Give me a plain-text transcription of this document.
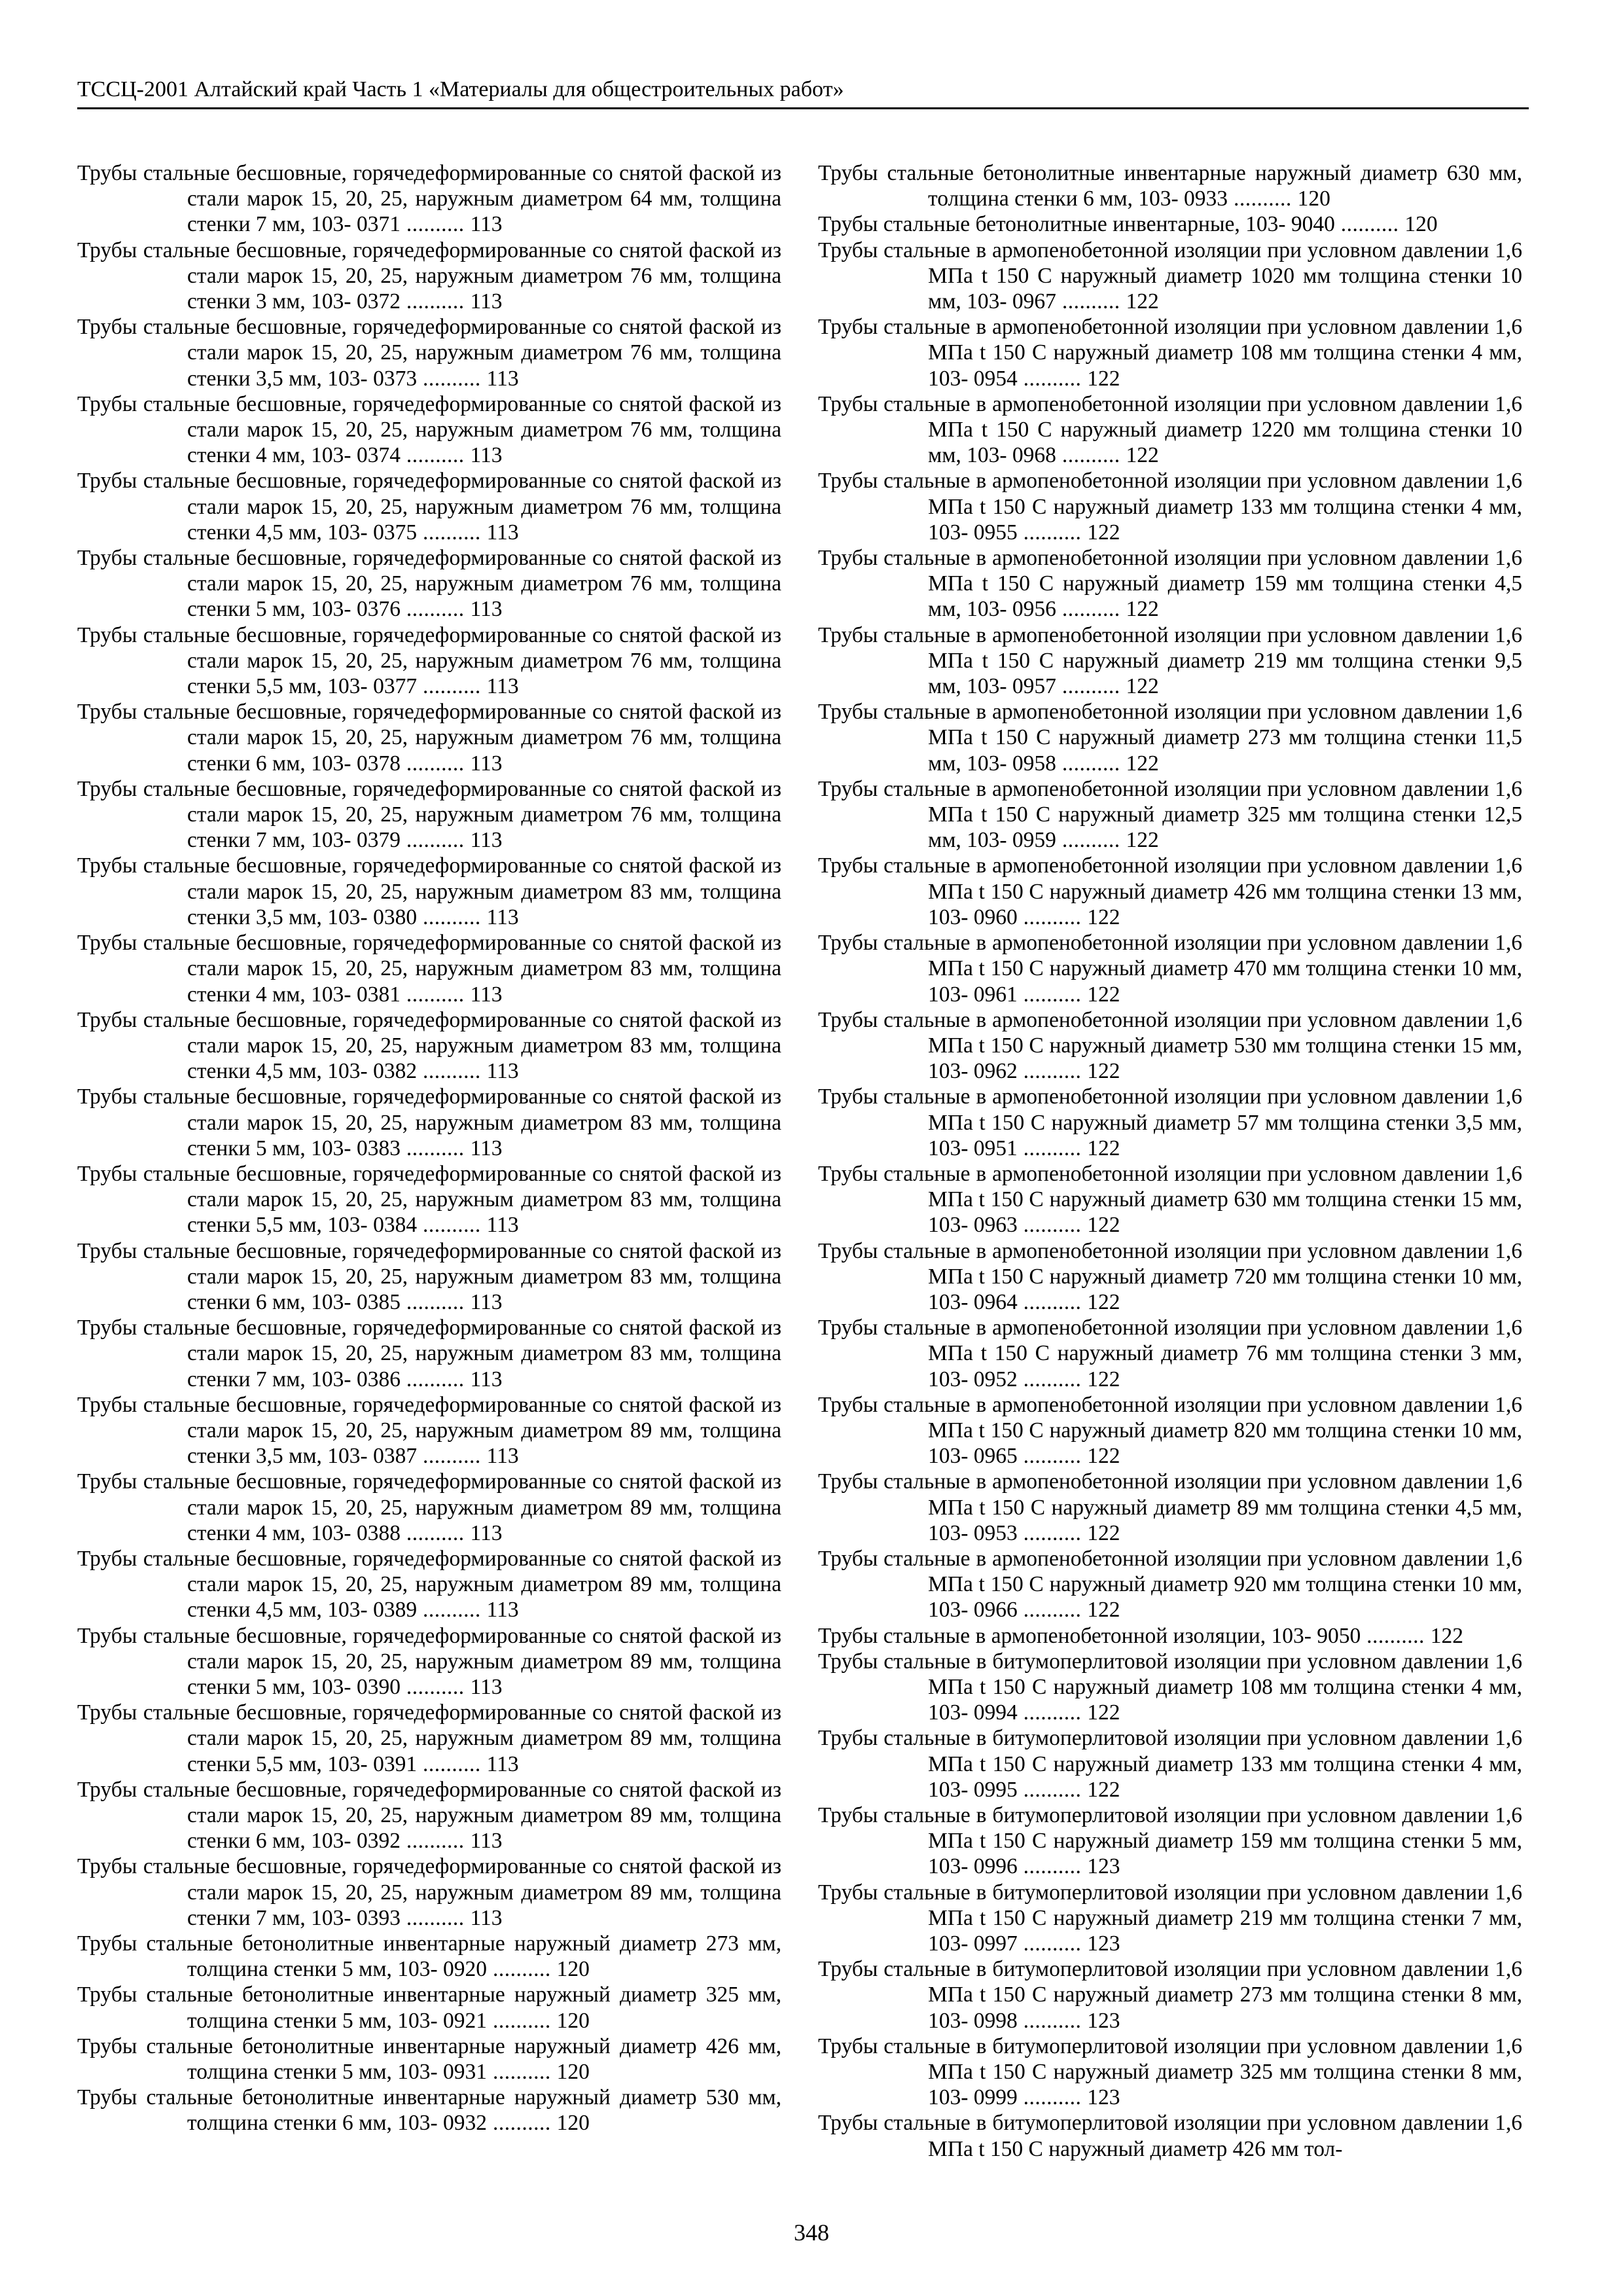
ТССЦ-2001 Алтайский край Часть 1 «Материалы для общестроительных работ»

Трубы стальные бесшовные, горячедеформированные со снятой фаской из стали марок 15, 20, 25, наружным диаметром 64 мм, толщина стенки 7 мм, 103- 0371 .......... 113

Трубы стальные бесшовные, горячедеформированные со снятой фаской из стали марок 15, 20, 25, наружным диаметром 76 мм, толщина стенки 3 мм, 103- 0372 .......... 113

Трубы стальные бесшовные, горячедеформированные со снятой фаской из стали марок 15, 20, 25, наружным диаметром 76 мм, толщина стенки 3,5 мм, 103- 0373 .......... 113

Трубы стальные бесшовные, горячедеформированные со снятой фаской из стали марок 15, 20, 25, наружным диаметром 76 мм, толщина стенки 4 мм, 103- 0374 .......... 113

Трубы стальные бесшовные, горячедеформированные со снятой фаской из стали марок 15, 20, 25, наружным диаметром 76 мм, толщина стенки 4,5 мм, 103- 0375 .......... 113

Трубы стальные бесшовные, горячедеформированные со снятой фаской из стали марок 15, 20, 25, наружным диаметром 76 мм, толщина стенки 5 мм, 103- 0376 .......... 113

Трубы стальные бесшовные, горячедеформированные со снятой фаской из стали марок 15, 20, 25, наружным диаметром 76 мм, толщина стенки 5,5 мм, 103- 0377 .......... 113

Трубы стальные бесшовные, горячедеформированные со снятой фаской из стали марок 15, 20, 25, наружным диаметром 76 мм, толщина стенки 6 мм, 103- 0378 .......... 113

Трубы стальные бесшовные, горячедеформированные со снятой фаской из стали марок 15, 20, 25, наружным диаметром 76 мм, толщина стенки 7 мм, 103- 0379 .......... 113

Трубы стальные бесшовные, горячедеформированные со снятой фаской из стали марок 15, 20, 25, наружным диаметром 83 мм, толщина стенки 3,5 мм, 103- 0380 .......... 113

Трубы стальные бесшовные, горячедеформированные со снятой фаской из стали марок 15, 20, 25, наружным диаметром 83 мм, толщина стенки 4 мм, 103- 0381 .......... 113

Трубы стальные бесшовные, горячедеформированные со снятой фаской из стали марок 15, 20, 25, наружным диаметром 83 мм, толщина стенки 4,5 мм, 103- 0382 .......... 113

Трубы стальные бесшовные, горячедеформированные со снятой фаской из стали марок 15, 20, 25, наружным диаметром 83 мм, толщина стенки 5 мм, 103- 0383 .......... 113

Трубы стальные бесшовные, горячедеформированные со снятой фаской из стали марок 15, 20, 25, наружным диаметром 83 мм, толщина стенки 5,5 мм, 103- 0384 .......... 113

Трубы стальные бесшовные, горячедеформированные со снятой фаской из стали марок 15, 20, 25, наружным диаметром 83 мм, толщина стенки 6 мм, 103- 0385 .......... 113

Трубы стальные бесшовные, горячедеформированные со снятой фаской из стали марок 15, 20, 25, наружным диаметром 83 мм, толщина стенки 7 мм, 103- 0386 .......... 113

Трубы стальные бесшовные, горячедеформированные со снятой фаской из стали марок 15, 20, 25, наружным диаметром 89 мм, толщина стенки 3,5 мм, 103- 0387 .......... 113

Трубы стальные бесшовные, горячедеформированные со снятой фаской из стали марок 15, 20, 25, наружным диаметром 89 мм, толщина стенки 4 мм, 103- 0388 .......... 113

Трубы стальные бесшовные, горячедеформированные со снятой фаской из стали марок 15, 20, 25, наружным диаметром 89 мм, толщина стенки 4,5 мм, 103- 0389 .......... 113

Трубы стальные бесшовные, горячедеформированные со снятой фаской из стали марок 15, 20, 25, наружным диаметром 89 мм, толщина стенки 5 мм, 103- 0390 .......... 113

Трубы стальные бесшовные, горячедеформированные со снятой фаской из стали марок 15, 20, 25, наружным диаметром 89 мм, толщина стенки 5,5 мм, 103- 0391 .......... 113

Трубы стальные бесшовные, горячедеформированные со снятой фаской из стали марок 15, 20, 25, наружным диаметром 89 мм, толщина стенки 6 мм, 103- 0392 .......... 113

Трубы стальные бесшовные, горячедеформированные со снятой фаской из стали марок 15, 20, 25, наружным диаметром 89 мм, толщина стенки 7 мм, 103- 0393 .......... 113

Трубы стальные бетонолитные инвентарные наружный диаметр 273 мм, толщина стенки 5 мм, 103- 0920 .......... 120

Трубы стальные бетонолитные инвентарные наружный диаметр 325 мм, толщина стенки 5 мм, 103- 0921 .......... 120

Трубы стальные бетонолитные инвентарные наружный диаметр 426 мм, толщина стенки 5 мм, 103- 0931 .......... 120

Трубы стальные бетонолитные инвентарные наружный диаметр 530 мм, толщина стенки 6 мм, 103- 0932 .......... 120

Трубы стальные бетонолитные инвентарные наружный диаметр 630 мм, толщина стенки 6 мм, 103- 0933 .......... 120

Трубы стальные бетонолитные инвентарные, 103- 9040 .......... 120

Трубы стальные в армопенобетонной изоляции при условном давлении 1,6 МПа t 150 С наружный диаметр 1020 мм толщина стенки 10 мм, 103- 0967 .......... 122

Трубы стальные в армопенобетонной изоляции при условном давлении 1,6 МПа t 150 С наружный диаметр 108 мм толщина стенки 4 мм, 103- 0954 .......... 122

Трубы стальные в армопенобетонной изоляции при условном давлении 1,6 МПа t 150 С наружный диаметр 1220 мм толщина стенки 10 мм, 103- 0968 .......... 122

Трубы стальные в армопенобетонной изоляции при условном давлении 1,6 МПа t 150 С наружный диаметр 133 мм толщина стенки 4 мм, 103- 0955 .......... 122

Трубы стальные в армопенобетонной изоляции при условном давлении 1,6 МПа t 150 С наружный диаметр 159 мм толщина стенки 4,5 мм, 103- 0956 .......... 122

Трубы стальные в армопенобетонной изоляции при условном давлении 1,6 МПа t 150 С наружный диаметр 219 мм толщина стенки 9,5 мм, 103- 0957 .......... 122

Трубы стальные в армопенобетонной изоляции при условном давлении 1,6 МПа t 150 С наружный диаметр 273 мм толщина стенки 11,5 мм, 103- 0958 .......... 122

Трубы стальные в армопенобетонной изоляции при условном давлении 1,6 МПа t 150 С наружный диаметр 325 мм толщина стенки 12,5 мм, 103- 0959 .......... 122

Трубы стальные в армопенобетонной изоляции при условном давлении 1,6 МПа t 150 С наружный диаметр 426 мм толщина стенки 13 мм, 103- 0960 .......... 122

Трубы стальные в армопенобетонной изоляции при условном давлении 1,6 МПа t 150 С наружный диаметр 470 мм толщина стенки 10 мм, 103- 0961 .......... 122

Трубы стальные в армопенобетонной изоляции при условном давлении 1,6 МПа t 150 С наружный диаметр 530 мм толщина стенки 15 мм, 103- 0962 .......... 122

Трубы стальные в армопенобетонной изоляции при условном давлении 1,6 МПа t 150 С наружный диаметр 57 мм толщина стенки 3,5 мм, 103- 0951 .......... 122

Трубы стальные в армопенобетонной изоляции при условном давлении 1,6 МПа t 150 С наружный диаметр 630 мм толщина стенки 15 мм, 103- 0963 .......... 122

Трубы стальные в армопенобетонной изоляции при условном давлении 1,6 МПа t 150 С наружный диаметр 720 мм толщина стенки 10 мм, 103- 0964 .......... 122

Трубы стальные в армопенобетонной изоляции при условном давлении 1,6 МПа t 150 С наружный диаметр 76 мм толщина стенки 3 мм, 103- 0952 .......... 122

Трубы стальные в армопенобетонной изоляции при условном давлении 1,6 МПа t 150 С наружный диаметр 820 мм толщина стенки 10 мм, 103- 0965 .......... 122

Трубы стальные в армопенобетонной изоляции при условном давлении 1,6 МПа t 150 С наружный диаметр 89 мм толщина стенки 4,5 мм, 103- 0953 .......... 122

Трубы стальные в армопенобетонной изоляции при условном давлении 1,6 МПа t 150 С наружный диаметр 920 мм толщина стенки 10 мм, 103- 0966 .......... 122

Трубы стальные в армопенобетонной изоляции, 103- 9050 .......... 122

Трубы стальные в битумоперлитовой изоляции при условном давлении 1,6 МПа t 150 С наружный диаметр 108 мм толщина стенки 4 мм, 103- 0994 .......... 122

Трубы стальные в битумоперлитовой изоляции при условном давлении 1,6 МПа t 150 С наружный диаметр 133 мм толщина стенки 4 мм, 103- 0995 .......... 122

Трубы стальные в битумоперлитовой изоляции при условном давлении 1,6 МПа t 150 С наружный диаметр 159 мм толщина стенки 5 мм, 103- 0996 .......... 123

Трубы стальные в битумоперлитовой изоляции при условном давлении 1,6 МПа t 150 С наружный диаметр 219 мм толщина стенки 7 мм, 103- 0997 .......... 123

Трубы стальные в битумоперлитовой изоляции при условном давлении 1,6 МПа t 150 С наружный диаметр 273 мм толщина стенки 8 мм, 103- 0998 .......... 123

Трубы стальные в битумоперлитовой изоляции при условном давлении 1,6 МПа t 150 С наружный диаметр 325 мм толщина стенки 8 мм, 103- 0999 .......... 123

Трубы стальные в битумоперлитовой изоляции при условном давлении 1,6 МПа t 150 С наружный диаметр 426 мм тол-

348
